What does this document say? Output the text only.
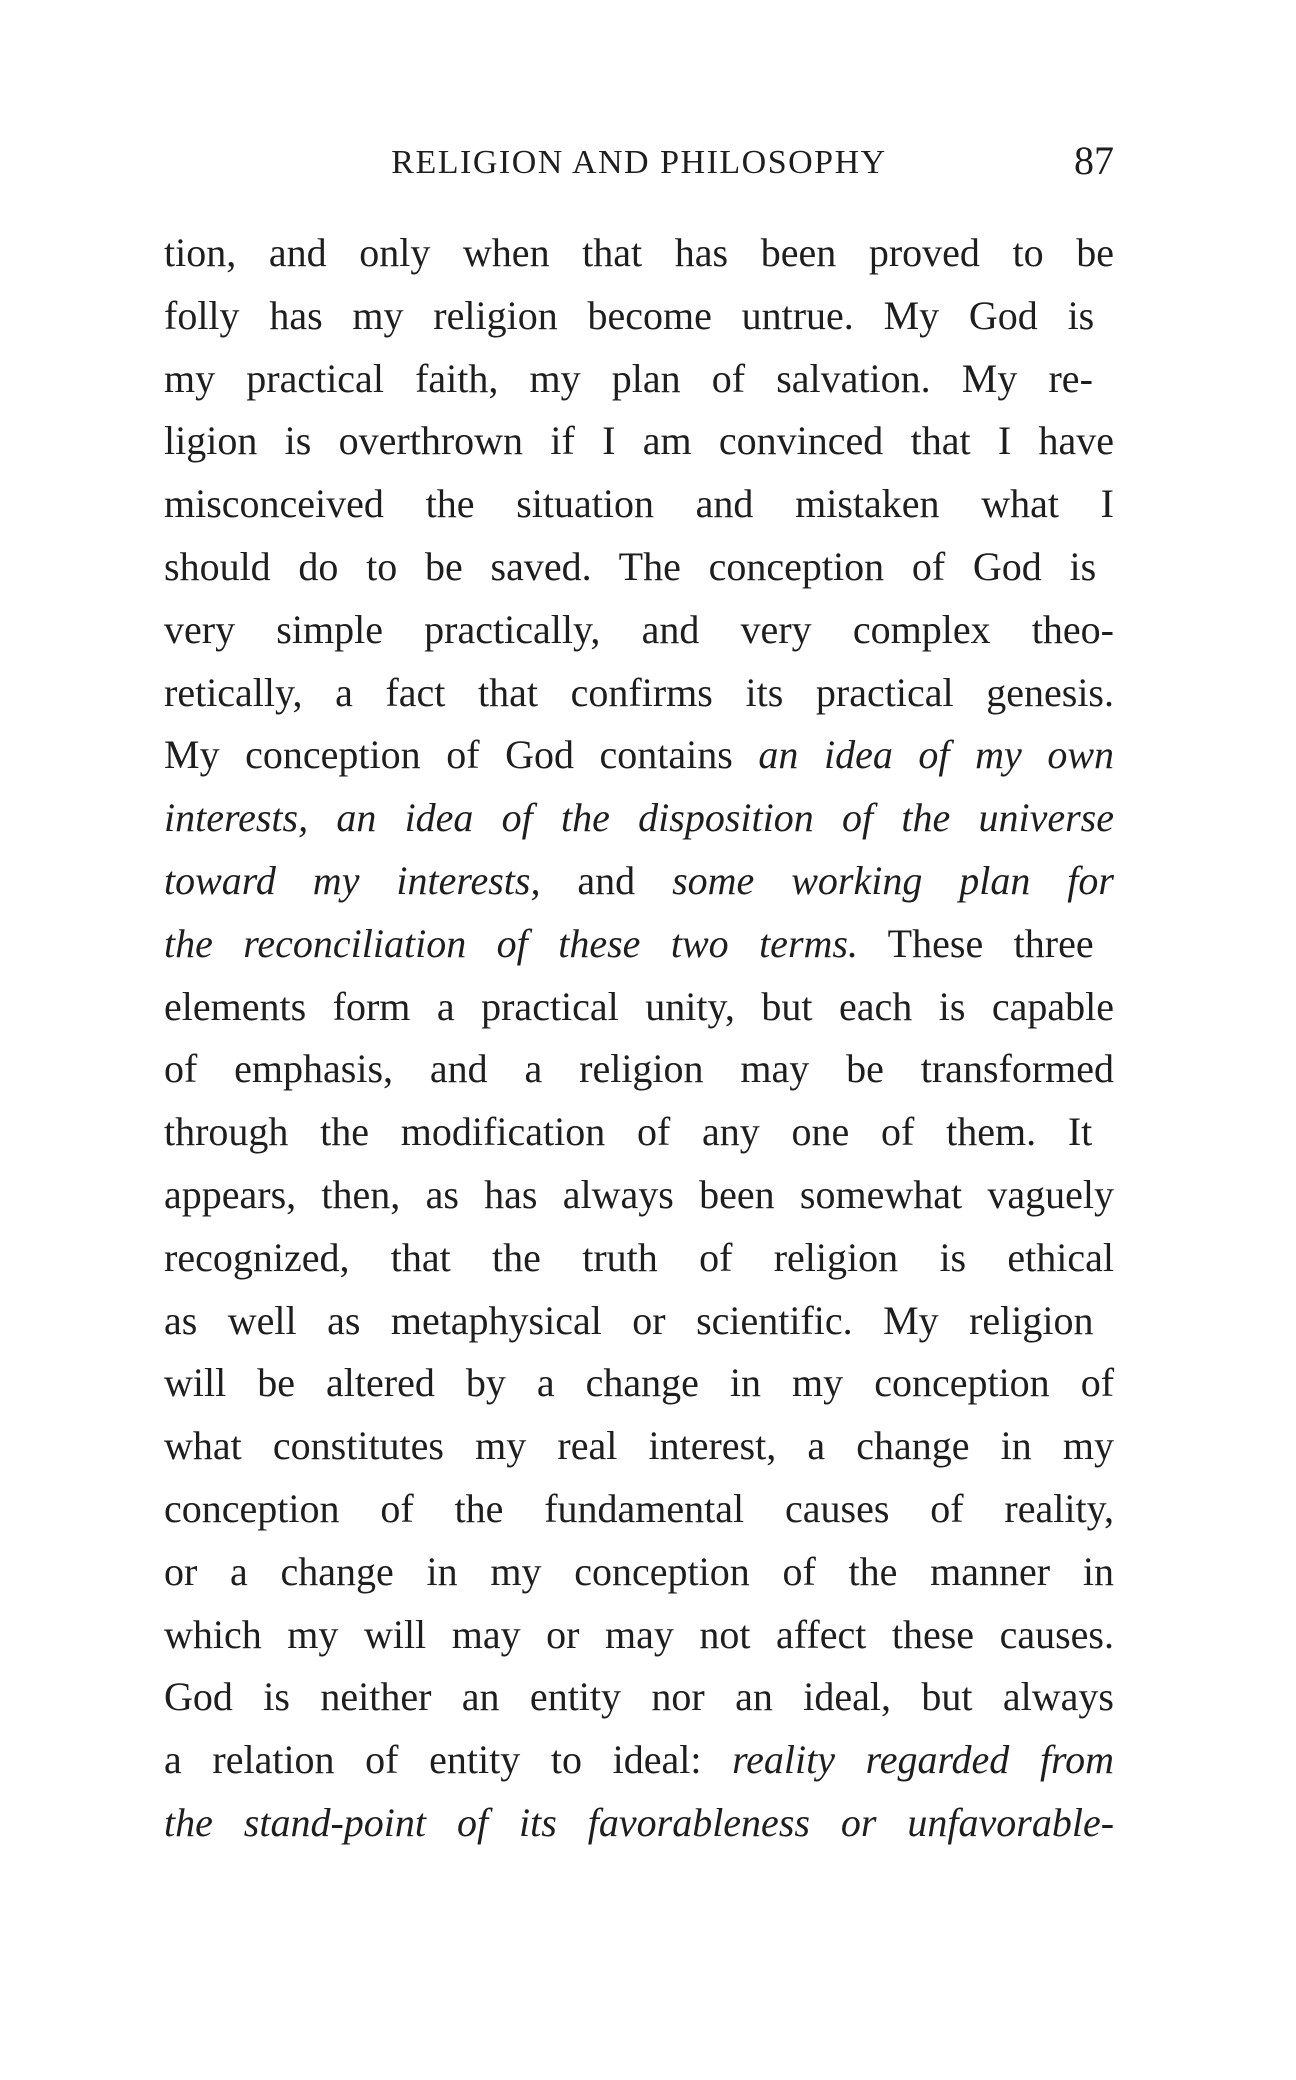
RELIGION AND PHILOSOPHY	87
tion, and only when that has been proved to be
folly has my religion become untrue. My God is
my practical faith, my plan of salvation. My re-
ligion is overthrown if I am convinced that I have
misconceived the situation and mistaken what I
should do to be saved. The conception of God is
very simple practically, and very complex theo-
retically, a fact that confirms its practical genesis.
My conception of God contains an idea of my own
interests, an idea of the disposition of the universe
toward my interests, and some working plan for
the reconciliation of these two terms. These three
elements form a practical unity, but each is capable
of emphasis, and a religion may be transformed
through the modification of any one of them. It
appears, then, as has always been somewhat vaguely
recognized, that the truth of religion is ethical
as well as metaphysical or scientific. My religion
will be altered by a change in my conception of
what constitutes my real interest, a change in my
conception of the fundamental causes of reality,
or a change in my conception of the manner in
which my will may or may not affect these causes.
God is neither an entity nor an ideal, but always
a relation of entity to ideal: reality regarded from
the stand-point of its favorableness or unfavorable-
